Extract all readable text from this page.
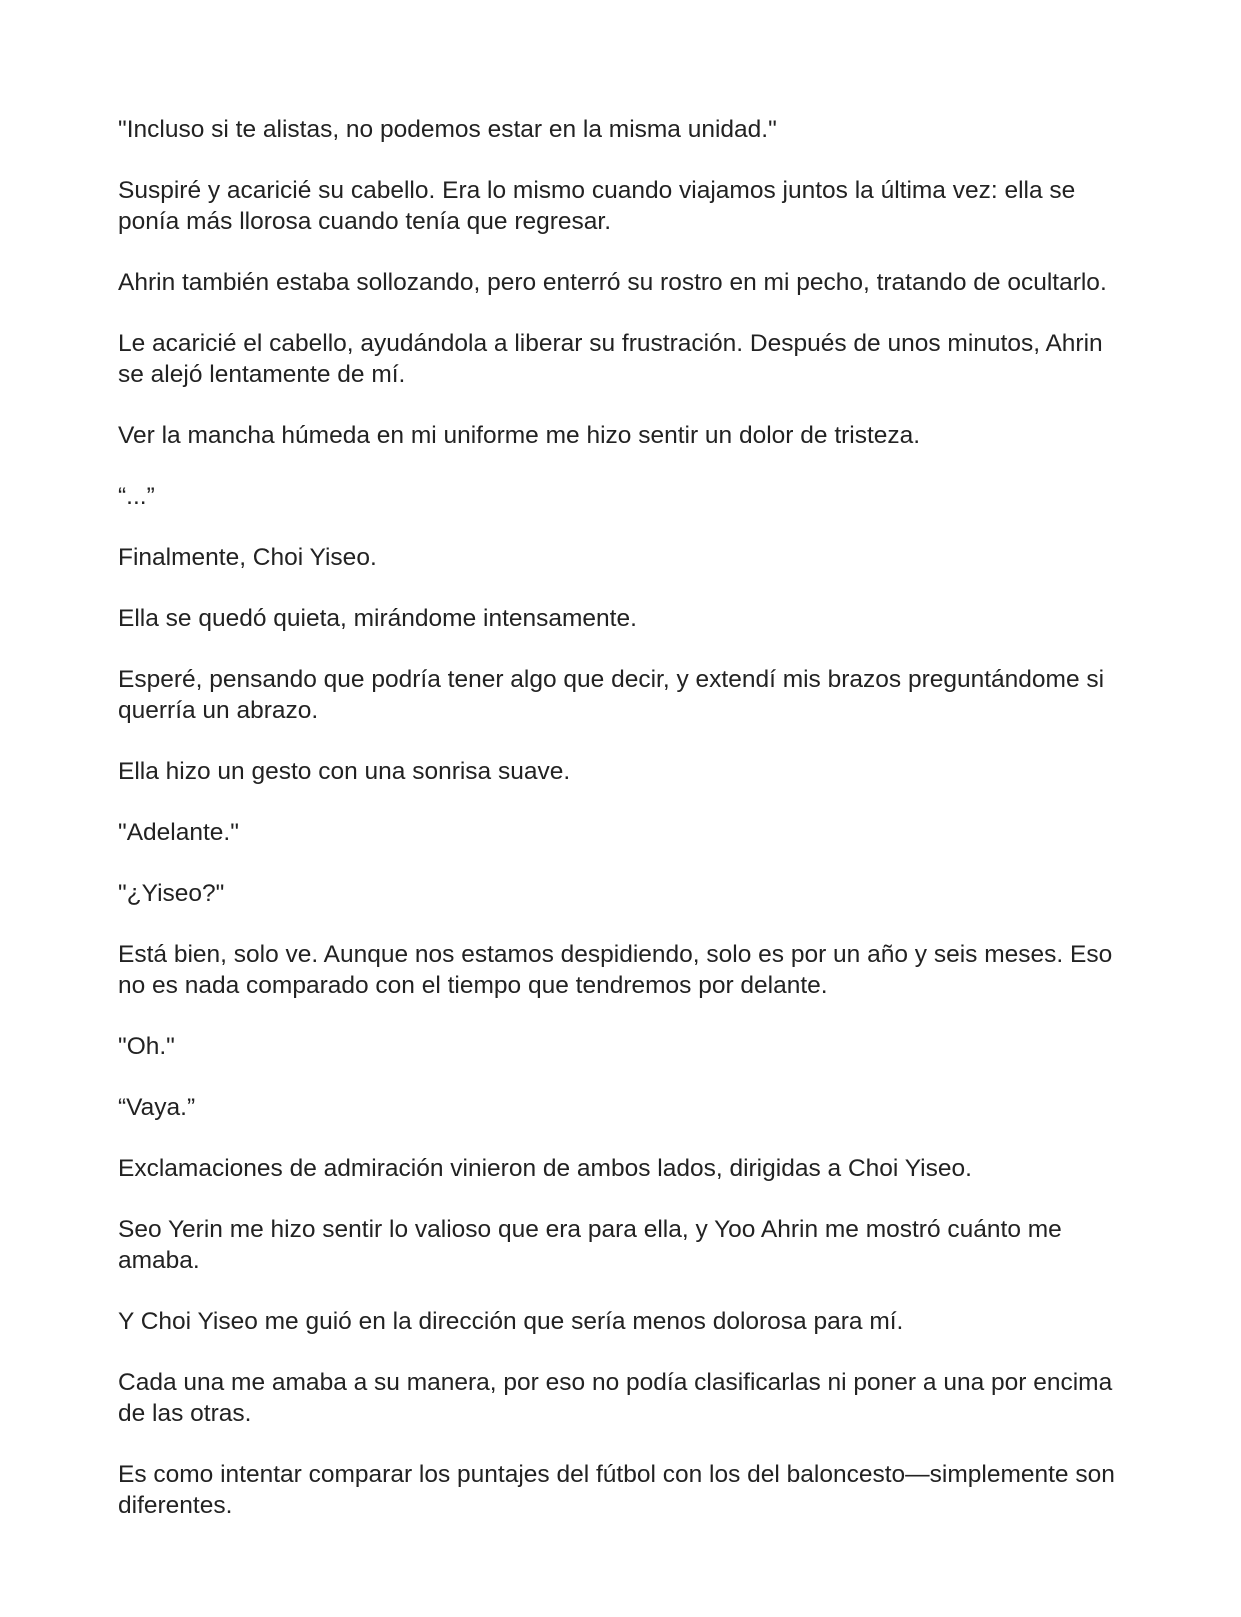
"Incluso si te alistas, no podemos estar en la misma unidad."

Suspiré y acaricié su cabello. Era lo mismo cuando viajamos juntos la última vez: ella se ponía más llorosa cuando tenía que regresar.

Ahrin también estaba sollozando, pero enterró su rostro en mi pecho, tratando de ocultarlo.

Le acaricié el cabello, ayudándola a liberar su frustración. Después de unos minutos, Ahrin se alejó lentamente de mí.

Ver la mancha húmeda en mi uniforme me hizo sentir un dolor de tristeza.

“...”

Finalmente, Choi Yiseo.

Ella se quedó quieta, mirándome intensamente.

Esperé, pensando que podría tener algo que decir, y extendí mis brazos preguntándome si querría un abrazo.

Ella hizo un gesto con una sonrisa suave.

"Adelante."

"¿Yiseo?"

Está bien, solo ve. Aunque nos estamos despidiendo, solo es por un año y seis meses. Eso no es nada comparado con el tiempo que tendremos por delante.

"Oh."

“Vaya.”

Exclamaciones de admiración vinieron de ambos lados, dirigidas a Choi Yiseo.

Seo Yerin me hizo sentir lo valioso que era para ella, y Yoo Ahrin me mostró cuánto me amaba.

Y Choi Yiseo me guió en la dirección que sería menos dolorosa para mí.

Cada una me amaba a su manera, por eso no podía clasificarlas ni poner a una por encima de las otras.

Es como intentar comparar los puntajes del fútbol con los del baloncesto—simplemente son diferentes.
